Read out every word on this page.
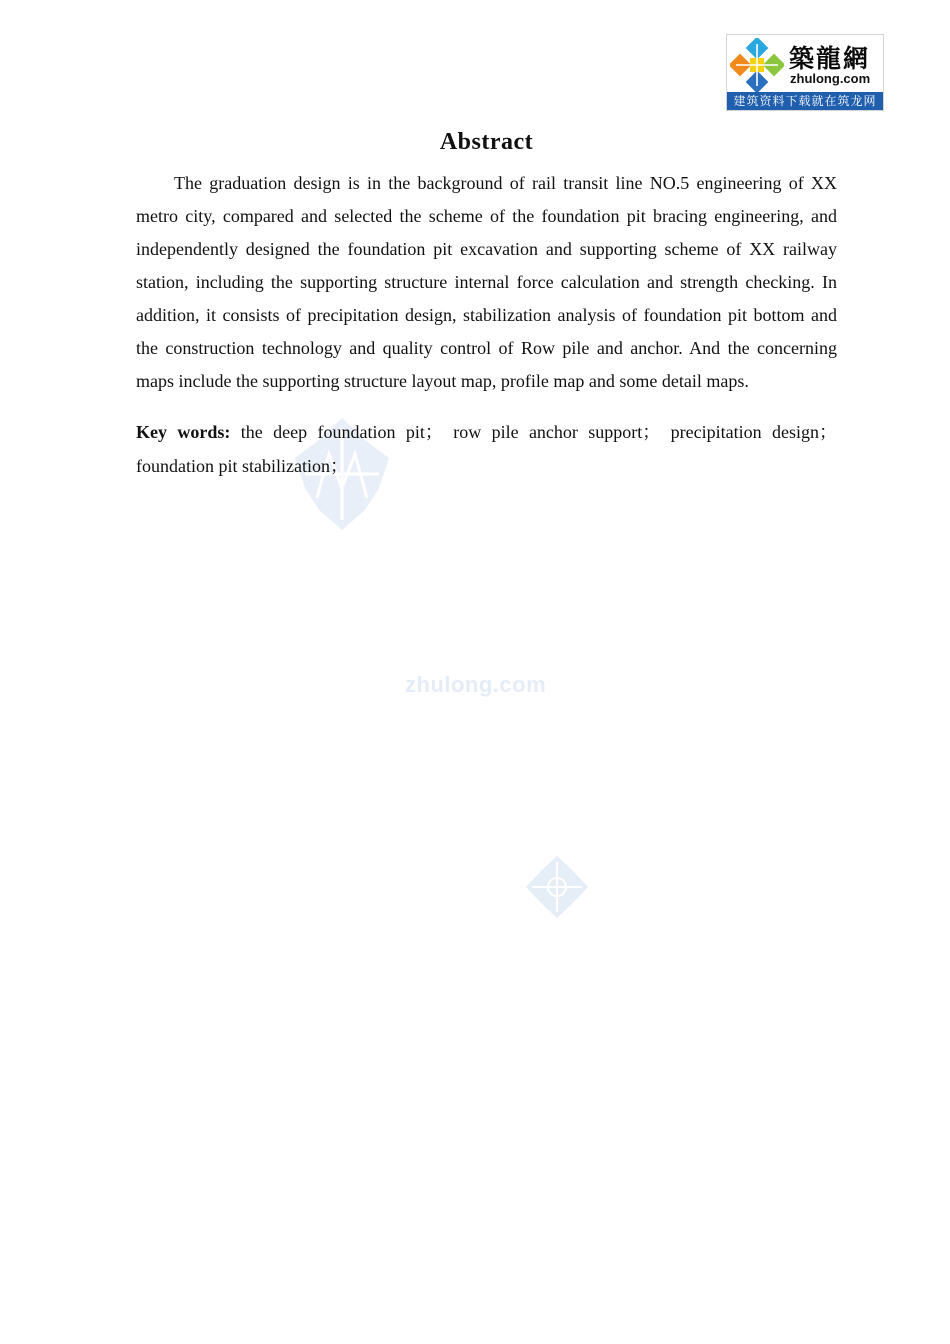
築龍網
zhulong.com
建筑资料下载就在筑龙网
zhulong.com
Abstract

The graduation design is in the background of rail transit line NO.5 engineering of XX metro city, compared and selected the scheme of the foundation pit bracing engineering, and independently designed the foundation pit excavation and supporting scheme of XX railway station, including the supporting structure internal force calculation and strength checking. In addition, it consists of precipitation design, stabilization analysis of foundation pit bottom and the construction technology and quality control of Row pile and anchor. And the concerning maps include the supporting structure layout map, profile map and some detail maps.

Key words: the deep foundation pit； row pile anchor support； precipitation design；foundation pit stabilization；
